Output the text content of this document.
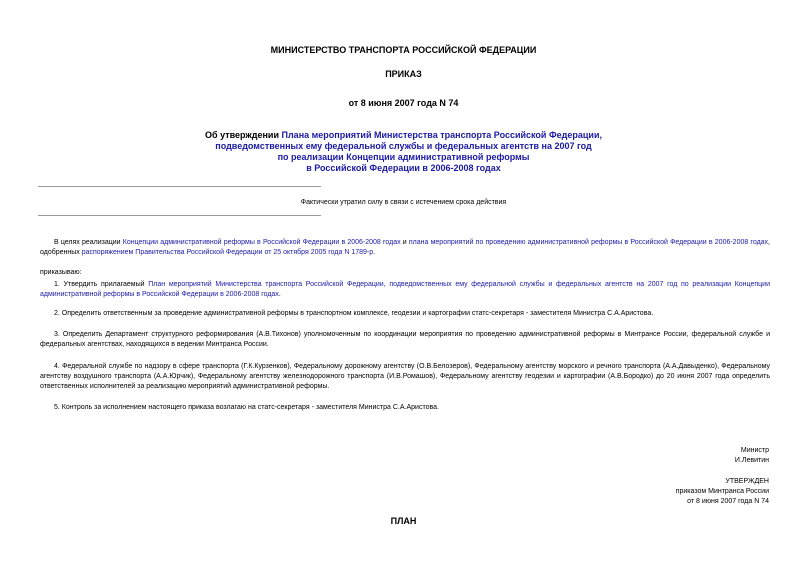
МИНИСТЕРСТВО ТРАНСПОРТА РОССИЙСКОЙ ФЕДЕРАЦИИ
ПРИКАЗ
от 8 июня 2007 года N 74
Об утверждении Плана мероприятий Министерства транспорта Российской Федерации,
подведомственных ему федеральной службы и федеральных агентств на 2007 год
по реализации Концепции административной реформы
в Российской Федерации в 2006-2008 годах
Фактически утратил силу в связи с истечением срока действия
В целях реализации Концепции административной реформы в Российской Федерации в 2006-2008 годах и плана мероприятий по проведению административной реформы в Российской Федерации в 2006-2008 годах, одобренных распоряжением Правительства Российской Федерации от 25 октября 2005 года N 1789-р.
приказываю:
1. Утвердить прилагаемый План мероприятий Министерства транспорта Российской Федерации, подведомственных ему федеральной службы и федеральных агентств на 2007 год по реализации Концепции административной реформы в Российской Федерации в 2006-2008 годах.
2. Определить ответственным за проведение административной реформы в транспортном комплексе, геодезии и картографии статс-секретаря - заместителя Министра С.А.Аристова.
3. Определить Департамент структурного реформирования (А.В.Тихонов) уполномоченным по координации мероприятия по проведению административной реформы в Минтрансе России, федеральной службе и федеральных агентствах, находящихся в ведении Минтранса России.
4. Федеральной службе по надзору в сфере транспорта (Г.К.Курзенков), Федеральному дорожному агентству (О.В.Белозеров), Федеральному агентству морского и речного транспорта (А.А.Давыденко), Федеральному агентству воздушного транспорта (А.А.Юрчик), Федеральному агентству железнодорожного транспорта (И.В.Ромашов), Федеральному агентству геодезии и картографии (А.В.Бородко) до 20 июня 2007 года определить ответственных исполнителей за реализацию мероприятий административной реформы.
5. Контроль за исполнением настоящего приказа возлагаю на статс-секретаря - заместителя Министра С.А.Аристова.
Министр
И.Левитин
УТВЕРЖДЕН
приказом Минтранса России
от 8 июня 2007 года N 74
ПЛАН
